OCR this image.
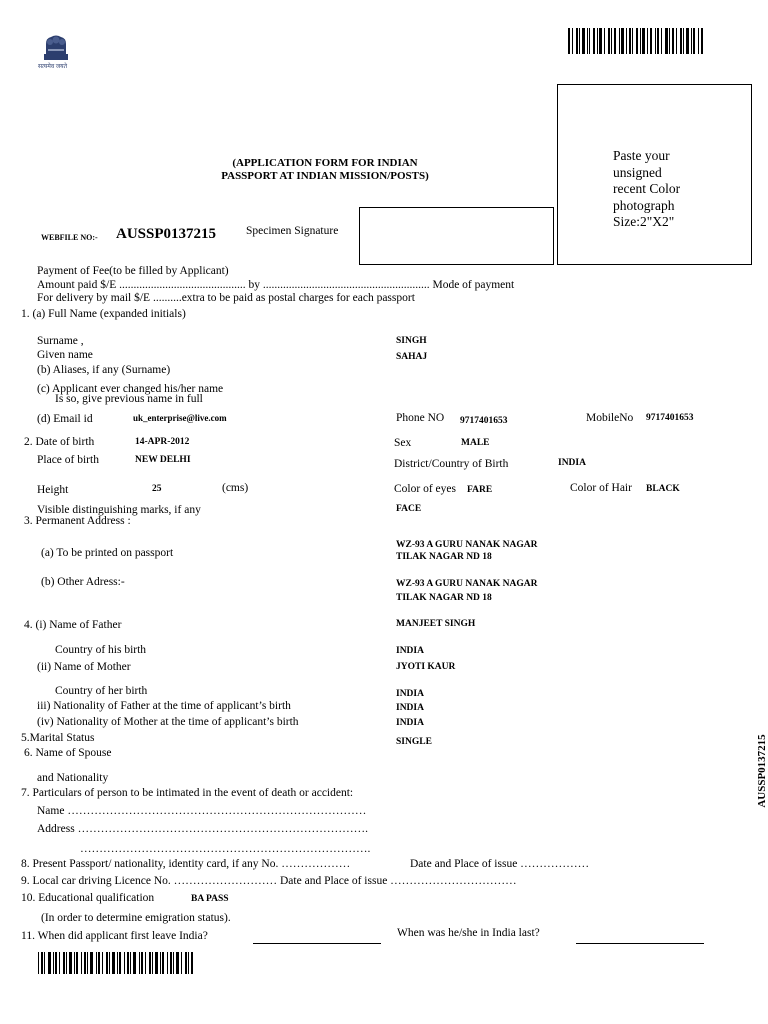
सत्यमेव जयते
Paste your
unsigned
recent Color
photograph
Size:2"X2"
(APPLICATION FORM FOR INDIAN
PASSPORT AT INDIAN MISSION/POSTS)
Specimen Signature
WEBFILE NO:- AUSSP0137215
Payment of Fee(to be filled by Applicant)
Amount paid $/E ............................................ by .......................................................... Mode of payment
For delivery by mail $/E ..........extra to be paid as postal charges for each passport
1. (a) Full Name (expanded initials)
Surname ,	SINGH
Given name	SAHAJ
(b) Aliases, if any (Surname)
(c) Applicant ever changed his/her name
Is so, give previous name in full
(d) Email id	uk_enterprise@live.com	Phone NO 9717401653	MobileNo 9717401653
2. Date of birth	14-APR-2012	Sex	MALE
Place of birth	NEW DELHI	District/Country of Birth	INDIA
Height	25	(cms)	Color of eyes FARE	Color of Hair BLACK
Visible distinguishing marks, if any	FACE
3. Permanent Address :
(a) To be printed on passport
WZ-93 A GURU NANAK NAGAR
TILAK NAGAR ND 18
(b) Other Adress:-	WZ-93 A GURU NANAK NAGAR
TILAK NAGAR ND 18
4. (i) Name of Father	MANJEET SINGH
Country of his birth	INDIA
(ii) Name of Mother	JYOTI KAUR
Country of her birth	INDIA
iii) Nationality of Father at the time of applicant’s birth	INDIA
(iv) Nationality of Mother at the time of applicant’s birth	INDIA
5.Marital Status	SINGLE
6. Name of Spouse
and Nationality
7. Particulars of person to be intimated in the event of death or accident:
Name ……………………………………………………………………
Address ………………………………………………………………….
………………………………………………………………….
8. Present Passport/ nationality, identity card, if any No. ………………	Date and Place of issue ………………
9. Local car driving Licence No. ……………………… Date and Place of issue ……………………………
10. Educational qualification	BA PASS
(In order to determine emigration status).
11. When did applicant first leave India?	When was he/she in India last?
AUSSP0137215
